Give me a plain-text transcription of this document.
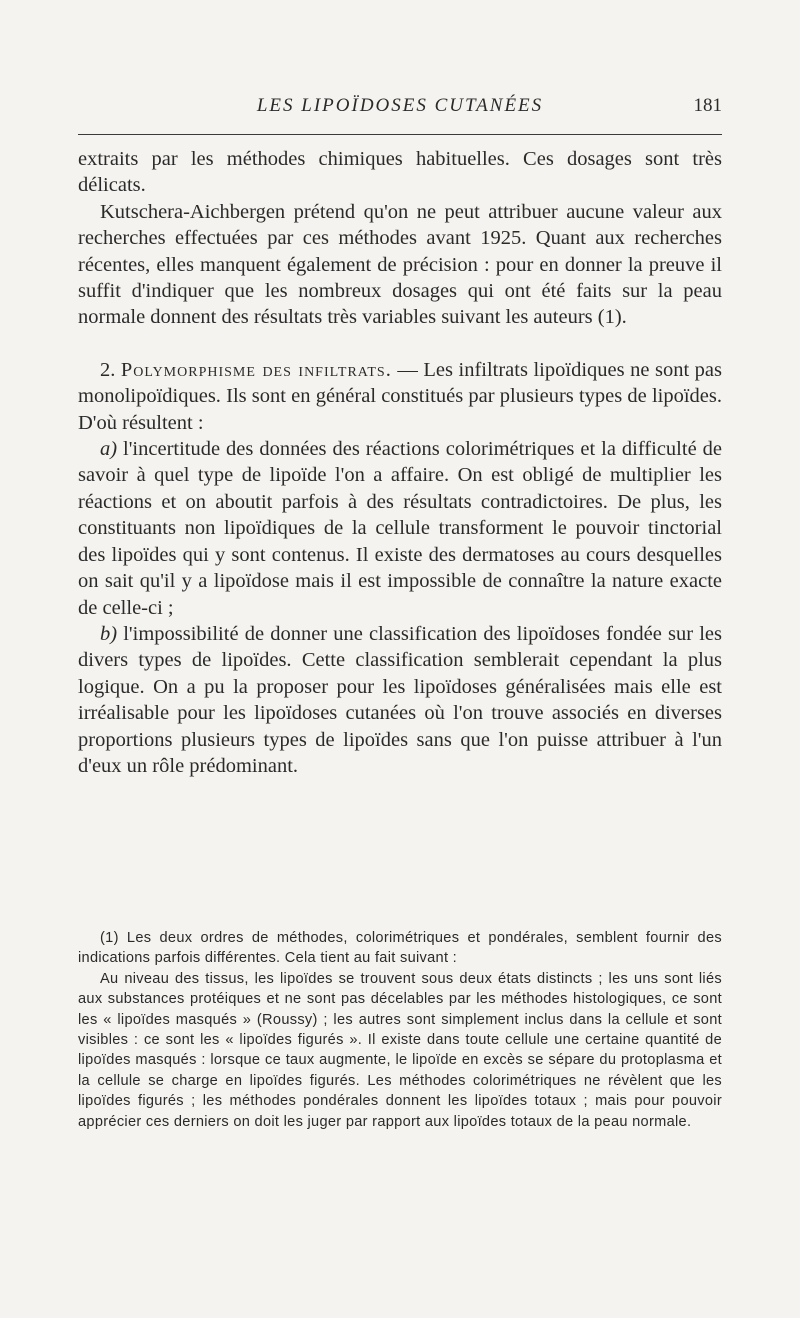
LES LIPOÏDOSES CUTANÉES	181

extraits par les méthodes chimiques habituelles. Ces dosages sont très délicats.

Kutschera-Aichbergen prétend qu'on ne peut attribuer aucune valeur aux recherches effectuées par ces méthodes avant 1925. Quant aux recherches récentes, elles manquent également de précision : pour en donner la preuve il suffit d'indiquer que les nombreux dosages qui ont été faits sur la peau normale donnent des résultats très variables suivant les auteurs (1).

2. Polymorphisme des infiltrats. — Les infiltrats lipoïdiques ne sont pas monolipoïdiques. Ils sont en général constitués par plusieurs types de lipoïdes. D'où résultent :

a) l'incertitude des données des réactions colorimétriques et la difficulté de savoir à quel type de lipoïde l'on a affaire. On est obligé de multiplier les réactions et on aboutit parfois à des résultats contradictoires. De plus, les constituants non lipoïdiques de la cellule transforment le pouvoir tinctorial des lipoïdes qui y sont contenus. Il existe des dermatoses au cours desquelles on sait qu'il y a lipoïdose mais il est impossible de connaître la nature exacte de celle-ci ;

b) l'impossibilité de donner une classification des lipoïdoses fondée sur les divers types de lipoïdes. Cette classification semblerait cependant la plus logique. On a pu la proposer pour les lipoïdoses généralisées mais elle est irréalisable pour les lipoïdoses cutanées où l'on trouve associés en diverses proportions plusieurs types de lipoïdes sans que l'on puisse attribuer à l'un d'eux un rôle prédominant.

(1) Les deux ordres de méthodes, colorimétriques et pondérales, semblent fournir des indications parfois différentes. Cela tient au fait suivant :

Au niveau des tissus, les lipoïdes se trouvent sous deux états distincts ; les uns sont liés aux substances protéiques et ne sont pas décelables par les méthodes histologiques, ce sont les « lipoïdes masqués » (Roussy) ; les autres sont simplement inclus dans la cellule et sont visibles : ce sont les « lipoïdes figurés ». Il existe dans toute cellule une certaine quantité de lipoïdes masqués : lorsque ce taux augmente, le lipoïde en excès se sépare du protoplasma et la cellule se charge en lipoïdes figurés. Les méthodes colorimétriques ne révèlent que les lipoïdes figurés ; les méthodes pondérales donnent les lipoïdes totaux ; mais pour pouvoir apprécier ces derniers on doit les juger par rapport aux lipoïdes totaux de la peau normale.
